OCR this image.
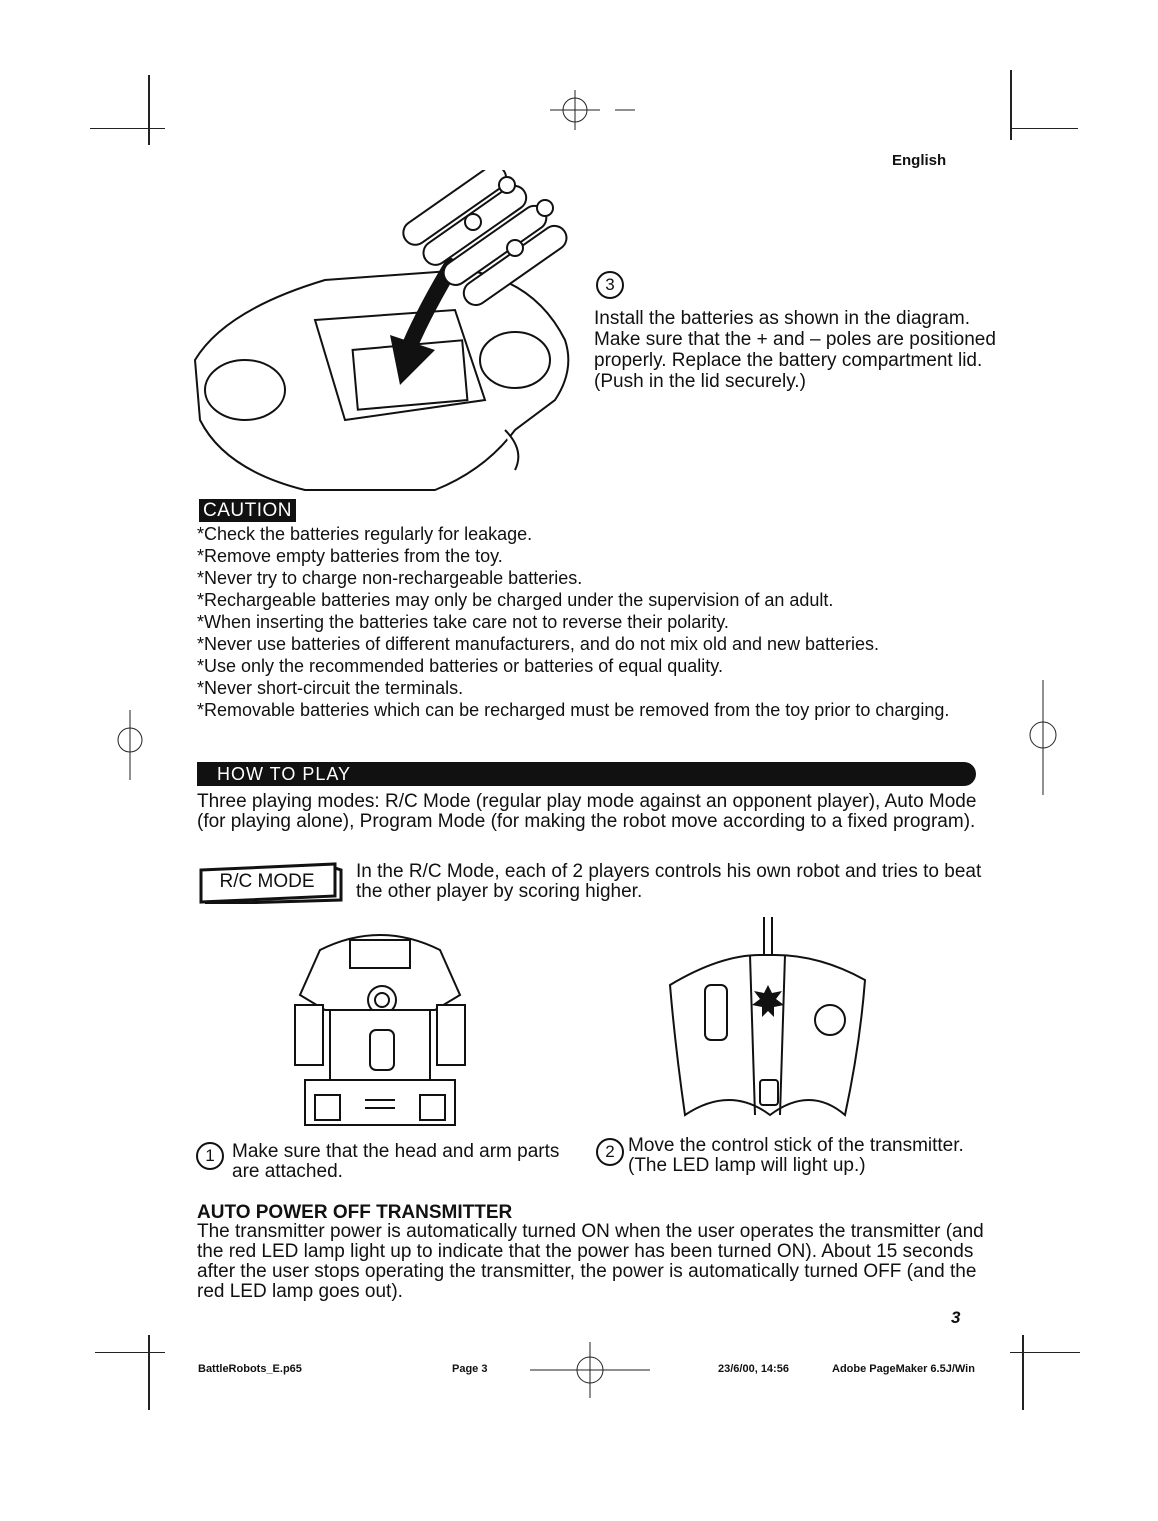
English
3
Install the batteries as shown in the diagram. Make sure that the + and – poles are positioned properly. Replace the battery compartment lid. (Push in the lid securely.)
CAUTION
*Check the batteries regularly for leakage.
*Remove empty batteries from the toy.
*Never try to charge non-rechargeable batteries.
*Rechargeable batteries may only be charged under the supervision of an adult.
*When inserting the batteries take care not to reverse their polarity.
*Never use batteries of different manufacturers, and do not mix old and new batteries.
*Use only the recommended batteries or batteries of equal quality.
*Never short-circuit the terminals.
*Removable batteries which can be recharged must be removed from the toy prior to charging.
HOW TO PLAY
Three playing modes: R/C Mode (regular play mode against an opponent player), Auto Mode (for playing alone), Program Mode (for making the robot move according to a fixed program).
R/C MODE	In the R/C Mode, each of 2 players controls his own robot and tries to beat the other player by scoring higher.
1 Make sure that the head and arm parts are attached.
2 Move the control stick of the transmitter. (The LED lamp will light up.)
AUTO POWER OFF TRANSMITTER
The transmitter power is automatically turned ON when the user operates the transmitter (and the red LED lamp light up to indicate that the power has been turned ON). About 15 seconds after the user stops operating the transmitter, the power is automatically turned OFF (and the red LED lamp goes out).
3
BattleRobots_E.p65	Page 3	23/6/00, 14:56	Adobe PageMaker 6.5J/Win
